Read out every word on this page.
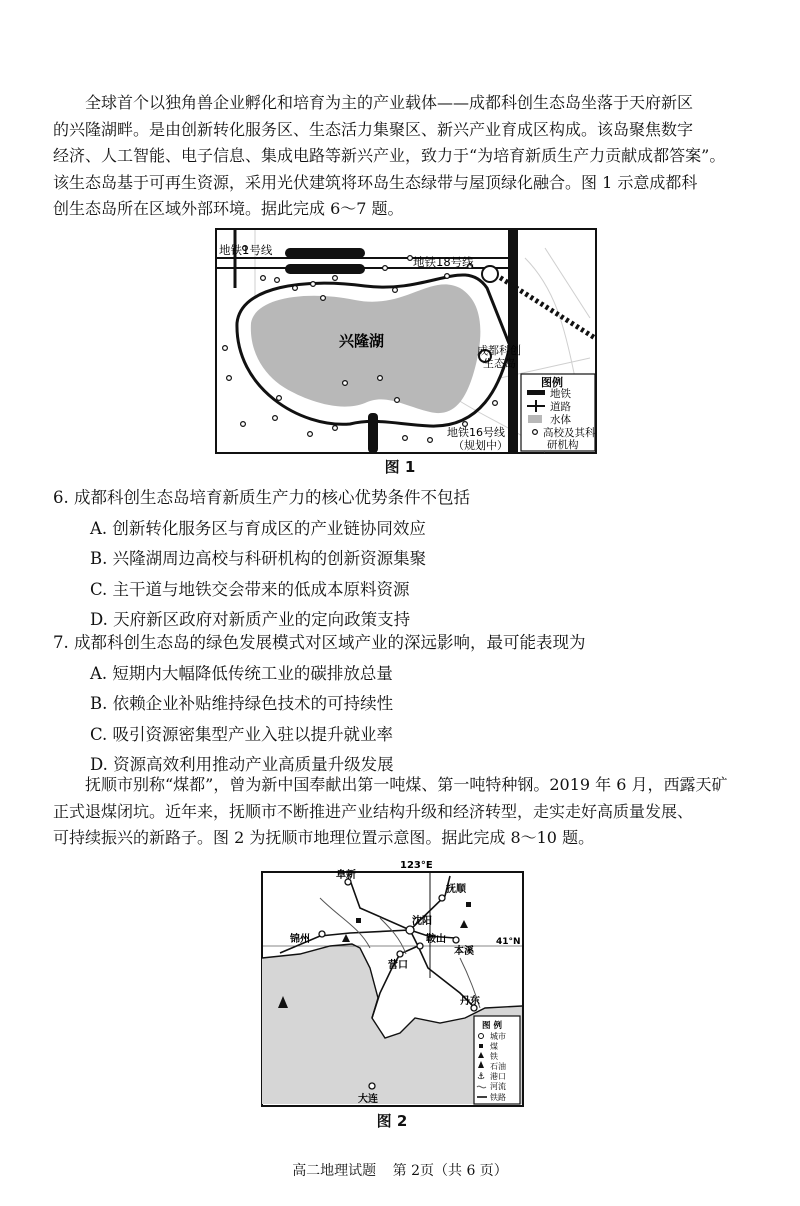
全球首个以独角兽企业孵化和培育为主的产业载体——成都科创生态岛坐落于天府新区

的兴隆湖畔。是由创新转化服务区、生态活力集聚区、新兴产业育成区构成。该岛聚焦数字

经济、人工智能、电子信息、集成电路等新兴产业，致力于“为培育新质生产力贡献成都答案”。

该生态岛基于可再生资源，采用光伏建筑将环岛生态绿带与屋顶绿化融合。图 1 示意成都科

创生态岛所在区域外部环境。据此完成 6～7 题。

地铁1号线
地铁18号线
兴隆湖
成都科创
生态岛
地铁16号线
（规划中）
图例
地铁
道路
水体
高校及其科
研机构
图 1
6. 成都科创生态岛培育新质生产力的核心优势条件不包括
A. 创新转化服务区与育成区的产业链协同效应
B. 兴隆湖周边高校与科研机构的创新资源集聚
C. 主干道与地铁交会带来的低成本原料资源
D. 天府新区政府对新质产业的定向政策支持
7. 成都科创生态岛的绿色发展模式对区域产业的深远影响，最可能表现为
A. 短期内大幅降低传统工业的碳排放总量
B. 依赖企业补贴维持绿色技术的可持续性
C. 吸引资源密集型产业入驻以提升就业率
D. 资源高效利用推动产业高质量升级发展

抚顺市别称“煤都”，曾为新中国奉献出第一吨煤、第一吨特种钢。2019 年 6 月，西露天矿

正式退煤闭坑。近年来，抚顺市不断推进产业结构升级和经济转型，走实走好高质量发展、

可持续振兴的新路子。图 2 为抚顺市地理位置示意图。据此完成 8～10 题。

123°E
41°N
阜新
抚顺
沈阳
锦州	鞍山
本溪
营口
丹东
大连
图 例
城市
煤
铁
石油
⚓ 港口
河流
铁路
图 2
高二地理试题 第 2页（共 6 页）
